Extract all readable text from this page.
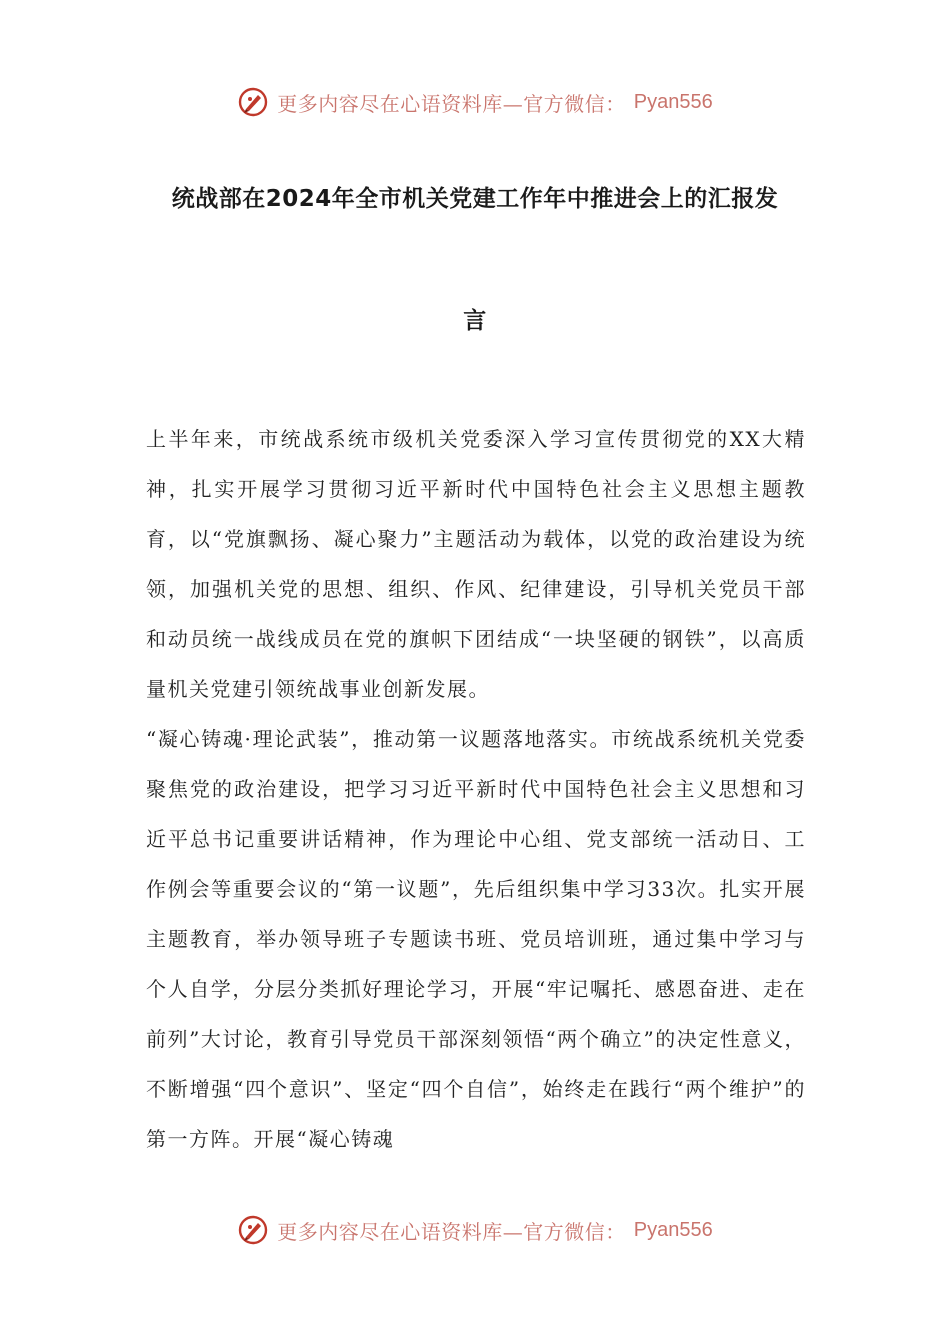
更多内容尽在心语资料库—官方微信： Pyan556
统战部在2024年全市机关党建工作年中推进会上的汇报发
言

上半年来，市统战系统市级机关党委深入学习宣传贯彻党的XX大精神，扎实开展学习贯彻习近平新时代中国特色社会主义思想主题教育，以“党旗飘扬、凝心聚力”主题活动为载体，以党的政治建设为统领，加强机关党的思想、组织、作风、纪律建设，引导机关党员干部和动员统一战线成员在党的旗帜下团结成“一块坚硬的钢铁”，以高质量机关党建引领统战事业创新发展。

“凝心铸魂·理论武装”，推动第一议题落地落实。市统战系统机关党委聚焦党的政治建设，把学习习近平新时代中国特色社会主义思想和习近平总书记重要讲话精神，作为理论中心组、党支部统一活动日、工作例会等重要会议的“第一议题”，先后组织集中学习33次。扎实开展主题教育，举办领导班子专题读书班、党员培训班，通过集中学习与个人自学，分层分类抓好理论学习，开展“牢记嘱托、感恩奋进、走在前列”大讨论，教育引导党员干部深刻领悟“两个确立”的决定性意义，不断增强“四个意识”、坚定“四个自信”，始终走在践行“两个维护”的第一方阵。开展“凝心铸魂

更多内容尽在心语资料库—官方微信： Pyan556
